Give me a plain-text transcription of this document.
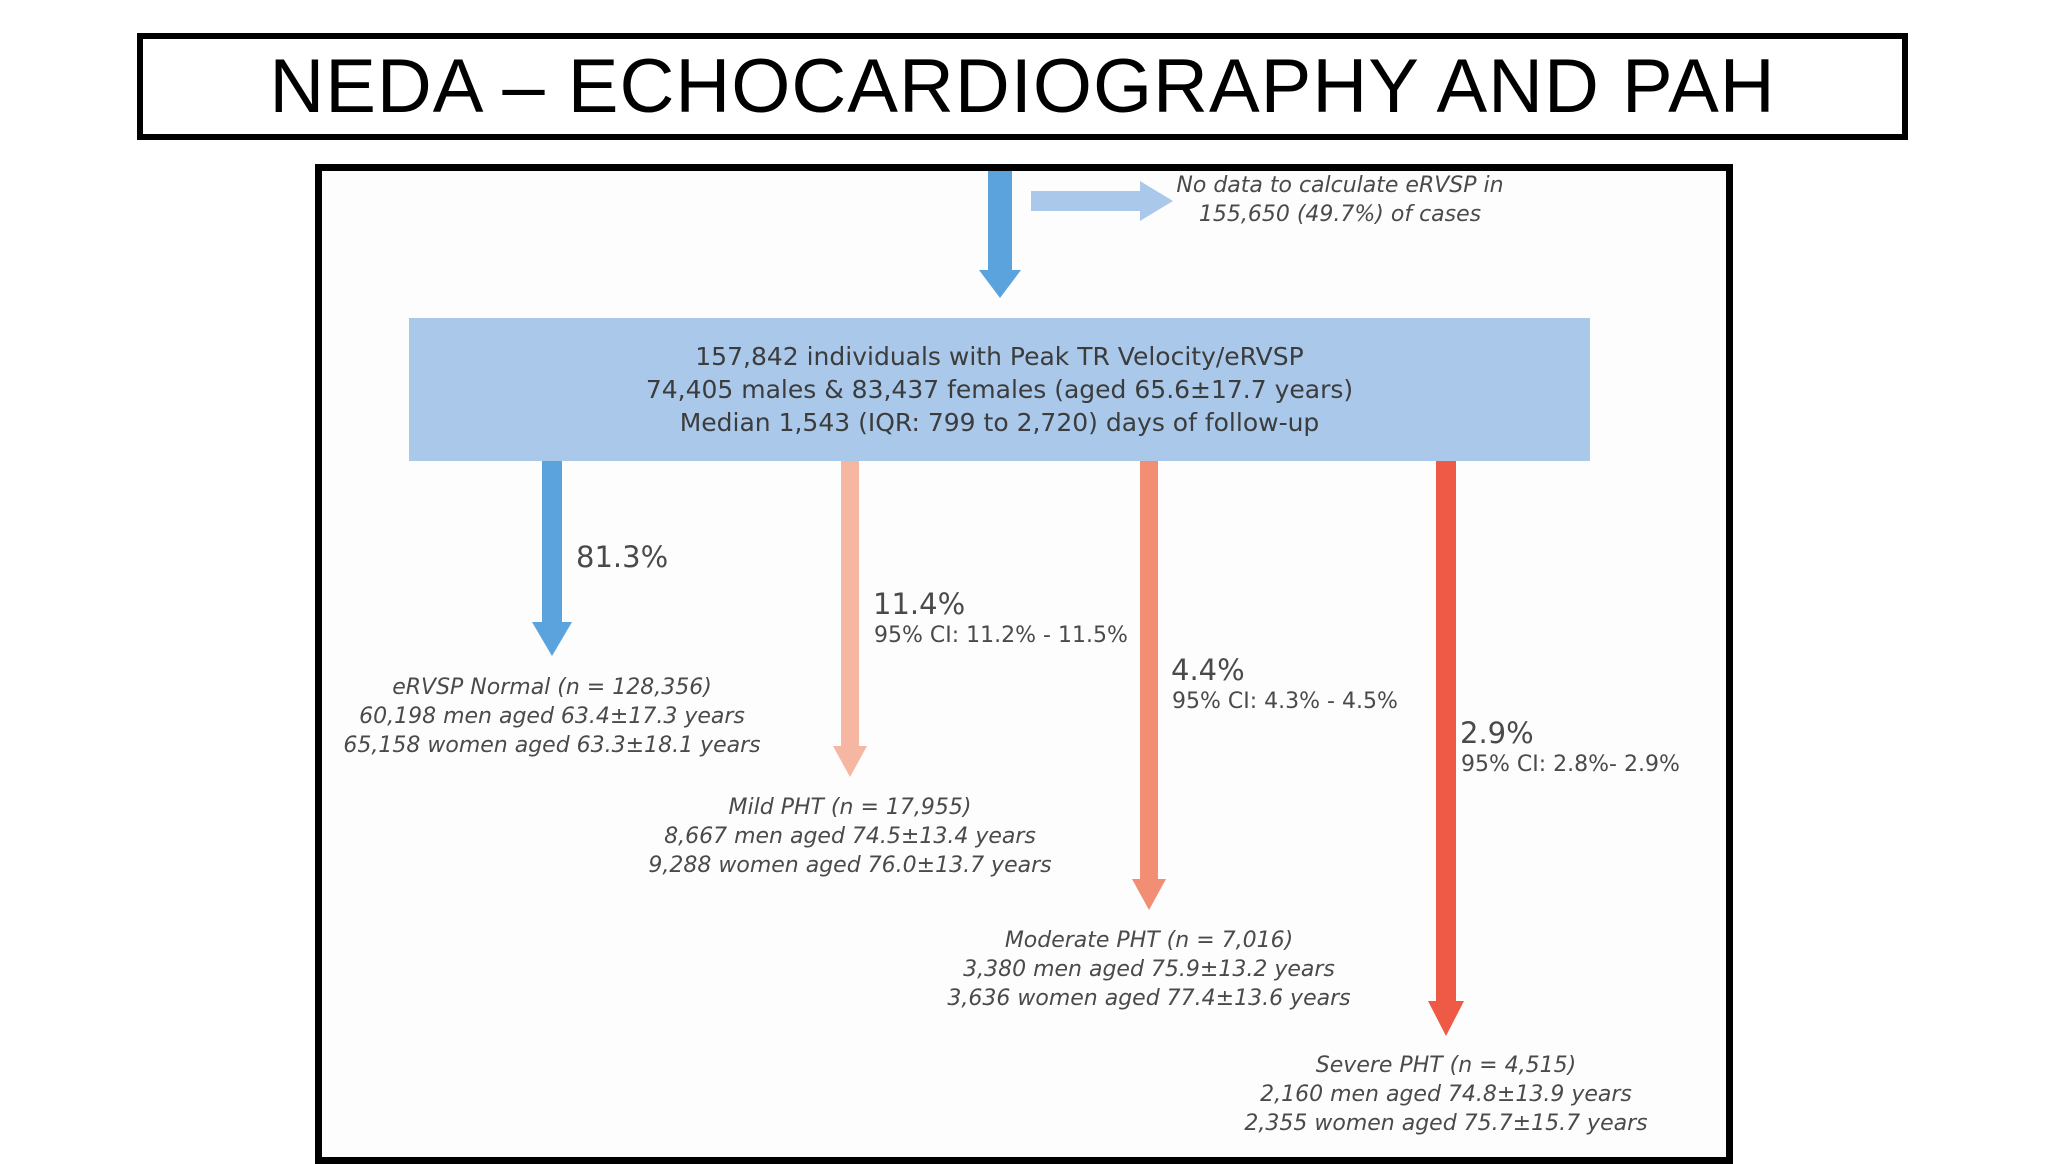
NEDA – ECHOCARDIOGRAPHY AND PAH
No data to calculate eRVSP in
155,650 (49.7%) of cases
157,842 individuals with Peak TR Velocity/eRVSP
74,405 males & 83,437 females (aged 65.6±17.7 years)
Median 1,543 (IQR: 799 to 2,720) days of follow-up
81.3%
eRVSP Normal (n = 128,356)
60,198 men aged 63.4±17.3 years
65,158 women aged 63.3±18.1 years
11.4%
95% CI: 11.2% - 11.5%
Mild PHT (n = 17,955)
8,667 men aged 74.5±13.4 years
9,288 women aged 76.0±13.7 years
4.4%
95% CI: 4.3% - 4.5%
Moderate PHT (n = 7,016)
3,380 men aged 75.9±13.2 years
3,636 women aged 77.4±13.6 years
2.9%
95% CI: 2.8%- 2.9%
Severe PHT (n = 4,515)
2,160 men aged 74.8±13.9 years
2,355 women aged 75.7±15.7 years
